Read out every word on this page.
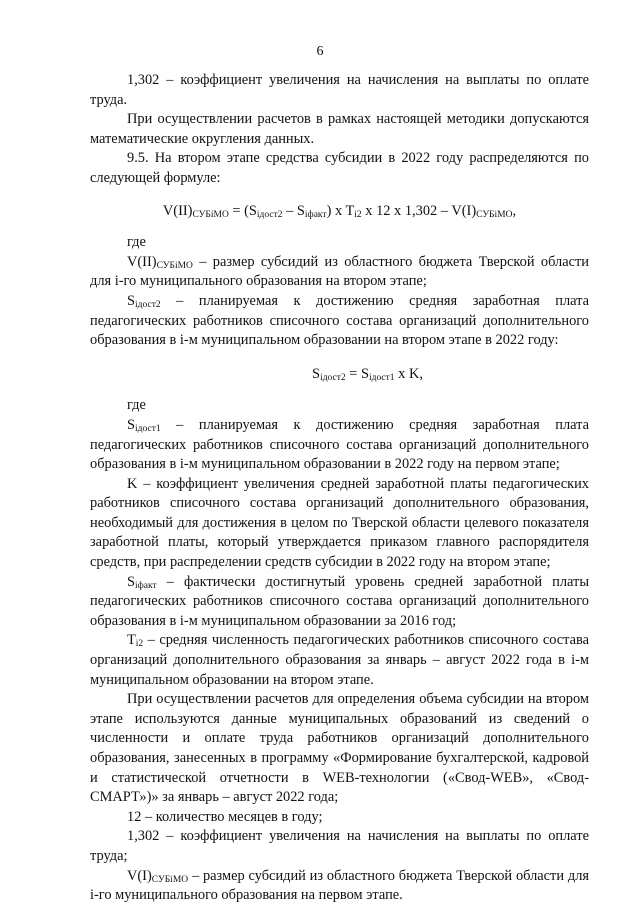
6

1,302 – коэффициент увеличения на начисления на выплаты по оплате труда.

При осуществлении расчетов в рамках настоящей методики допускаются математические округления данных.

9.5. На втором этапе средства субсидии в 2022 году распределяются по следующей формуле:

$V(II)_{СУБiМО} = (S_{iдост2} - S_{iфакт})$ x $T_{i2}$ x 12 x $1,302 - V(I)_{СУБiМО}$,

где

$V(II)_{СУБiМО}$ – размер субсидий из областного бюджета Тверской области для i-го муниципального образования на втором этапе;

$S_{iдост2}$ – планируемая к достижению средняя заработная плата педагогических работников списочного состава организаций дополнительного образования в i-м муниципальном образовании на втором этапе в 2022 году:

$S_{iдост2} = S_{iдост1}$ x K,

где

$S_{iдост1}$ – планируемая к достижению средняя заработная плата педагогических работников списочного состава организаций дополнительного образования в i-м муниципальном образовании в 2022 году на первом этапе;

K – коэффициент увеличения средней заработной платы педагогических работников списочного состава организаций дополнительного образования, необходимый для достижения в целом по Тверской области целевого показателя заработной платы, который утверждается приказом главного распорядителя средств, при распределении средств субсидии в 2022 году на втором этапе;

$S_{iфакт}$ – фактически достигнутый уровень средней заработной платы педагогических работников списочного состава организаций дополнительного образования в i-м муниципальном образовании за 2016 год;

$T_{i2}$ – средняя численность педагогических работников списочного состава организаций дополнительного образования за январь – август 2022 года в i-м муниципальном образовании на втором этапе.

При осуществлении расчетов для определения объема субсидии на втором этапе используются данные муниципальных образований из сведений о численности и оплате труда работников организаций дополнительного образования, занесенных в программу «Формирование бухгалтерской, кадровой и статистической отчетности в WEB-технологии («Свод-WEB», «Свод-СМАРТ»)» за январь – август 2022 года;

12 – количество месяцев в году;

1,302 – коэффициент увеличения на начисления на выплаты по оплате труда;

$V(I)_{СУБiМО}$ – размер субсидий из областного бюджета Тверской области для i-го муниципального образования на первом этапе.
